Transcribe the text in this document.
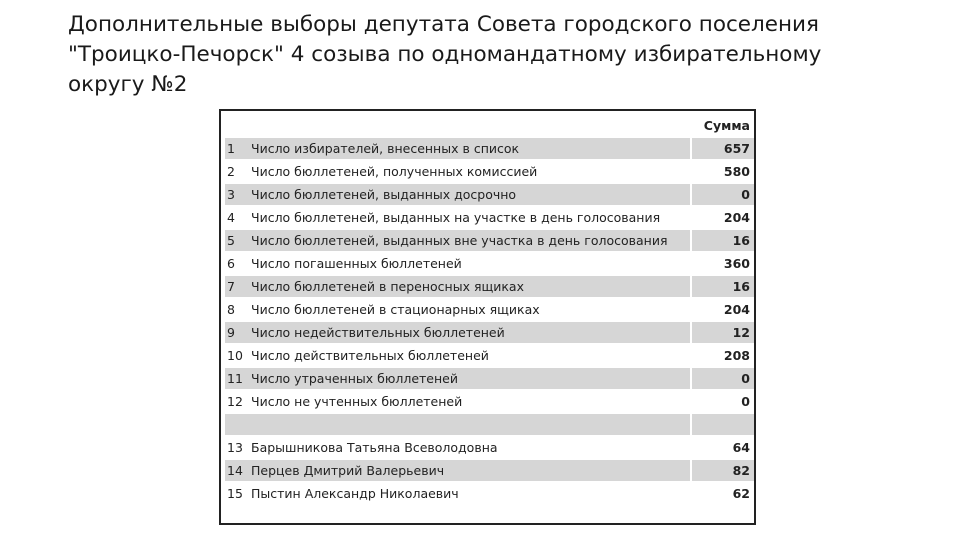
Дополнительные выборы депутата Совета городского поселения
"Троицко-Печорск" 4 созыва по одномандатному избирательному
округу №2
		Сумма
1	Число избирателей, внесенных в список	657
2	Число бюллетеней, полученных комиссией	580
3	Число бюллетеней, выданных досрочно	0
4	Число бюллетеней, выданных на участке в день голосования	204
5	Число бюллетеней, выданных вне участка в день голосования	16
6	Число погашенных бюллетеней	360
7	Число бюллетеней в переносных ящиках	16
8	Число бюллетеней в стационарных ящиках	204
9	Число недействительных бюллетеней	12
10	Число действительных бюллетеней	208
11	Число утраченных бюллетеней	0
12	Число не учтенных бюллетеней	0

13	Барышникова Татьяна Всеволодовна	64
14	Перцев Дмитрий Валерьевич	82
15	Пыстин Александр Николаевич	62
